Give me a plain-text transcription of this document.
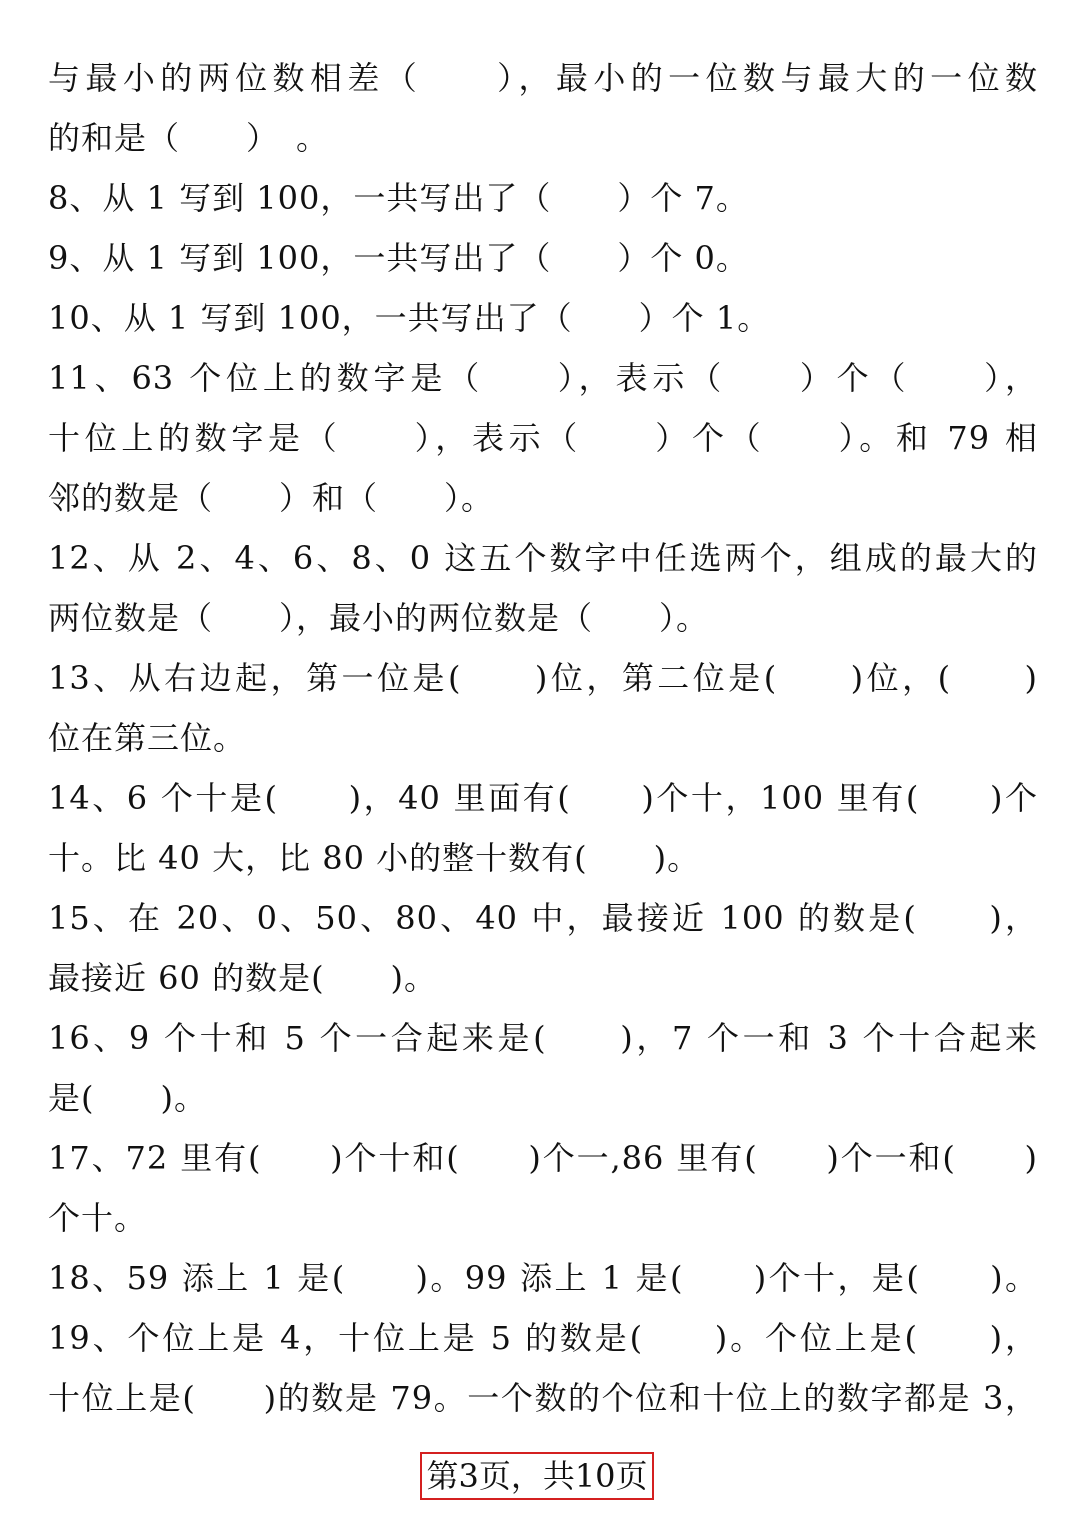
与最小的两位数相差（　　），最小的一位数与最大的一位数
的和是（　　）　。
8、从 1 写到 100，一共写出了（　　）个 7。
9、从 1 写到 100，一共写出了（　　）个 0。
10、从 1 写到 100，一共写出了（　　）个 1。
11、63 个位上的数字是（　　），表示（　　）个（　　），
十位上的数字是（　　），表示（　　）个（　　）。和 79 相
邻的数是（　　）和（　　）。
12、从 2、4、6、8、0 这五个数字中任选两个，组成的最大的
两位数是（　　），最小的两位数是（　　）。
13、从右边起，第一位是(　　)位，第二位是(　　)位，(　　)
位在第三位。
14、6 个十是(　　)，40 里面有(　　)个十，100 里有(　　)个
十。比 40 大，比 80 小的整十数有(　　)。
15、在 20、0、50、80、40 中，最接近 100 的数是(　　)，
最接近 60 的数是(　　)。
16、9 个十和 5 个一合起来是(　　)，7 个一和 3 个十合起来
是(　　)。
17、72 里有(　　)个十和(　　)个一,86 里有(　　)个一和(　　)
个十。
18、59 添上 1 是(　　)。99 添上 1 是(　　)个十，是(　　)。
19、个位上是 4，十位上是 5 的数是(　　)。个位上是(　　)，
十位上是(　　)的数是 79。一个数的个位和十位上的数字都是 3，
第3页，共10页
